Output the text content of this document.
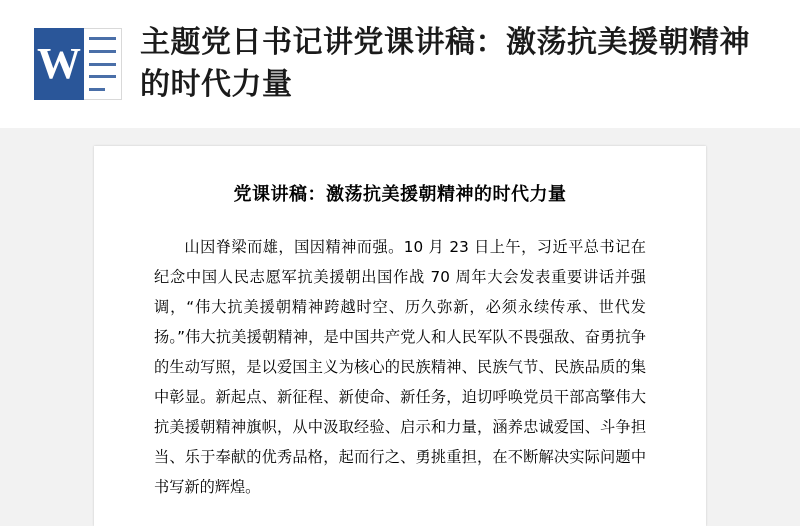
W 主题党日书记讲党课讲稿：激荡抗美援朝精神的时代力量
党课讲稿：激荡抗美援朝精神的时代力量

山因脊梁而雄，国因精神而强。10 月 23 日上午，习近平总书记在纪念中国人民志愿军抗美援朝出国作战 70 周年大会发表重要讲话并强调，“伟大抗美援朝精神跨越时空、历久弥新，必须永续传承、世代发扬。”伟大抗美援朝精神，是中国共产党人和人民军队不畏强敌、奋勇抗争的生动写照，是以爱国主义为核心的民族精神、民族气节、民族品质的集中彰显。新起点、新征程、新使命、新任务，迫切呼唤党员干部高擎伟大抗美援朝精神旗帜，从中汲取经验、启示和力量，涵养忠诚爱国、斗争担当、乐于奉献的优秀品格，起而行之、勇挑重担，在不断解决实际问题中书写新的辉煌。
